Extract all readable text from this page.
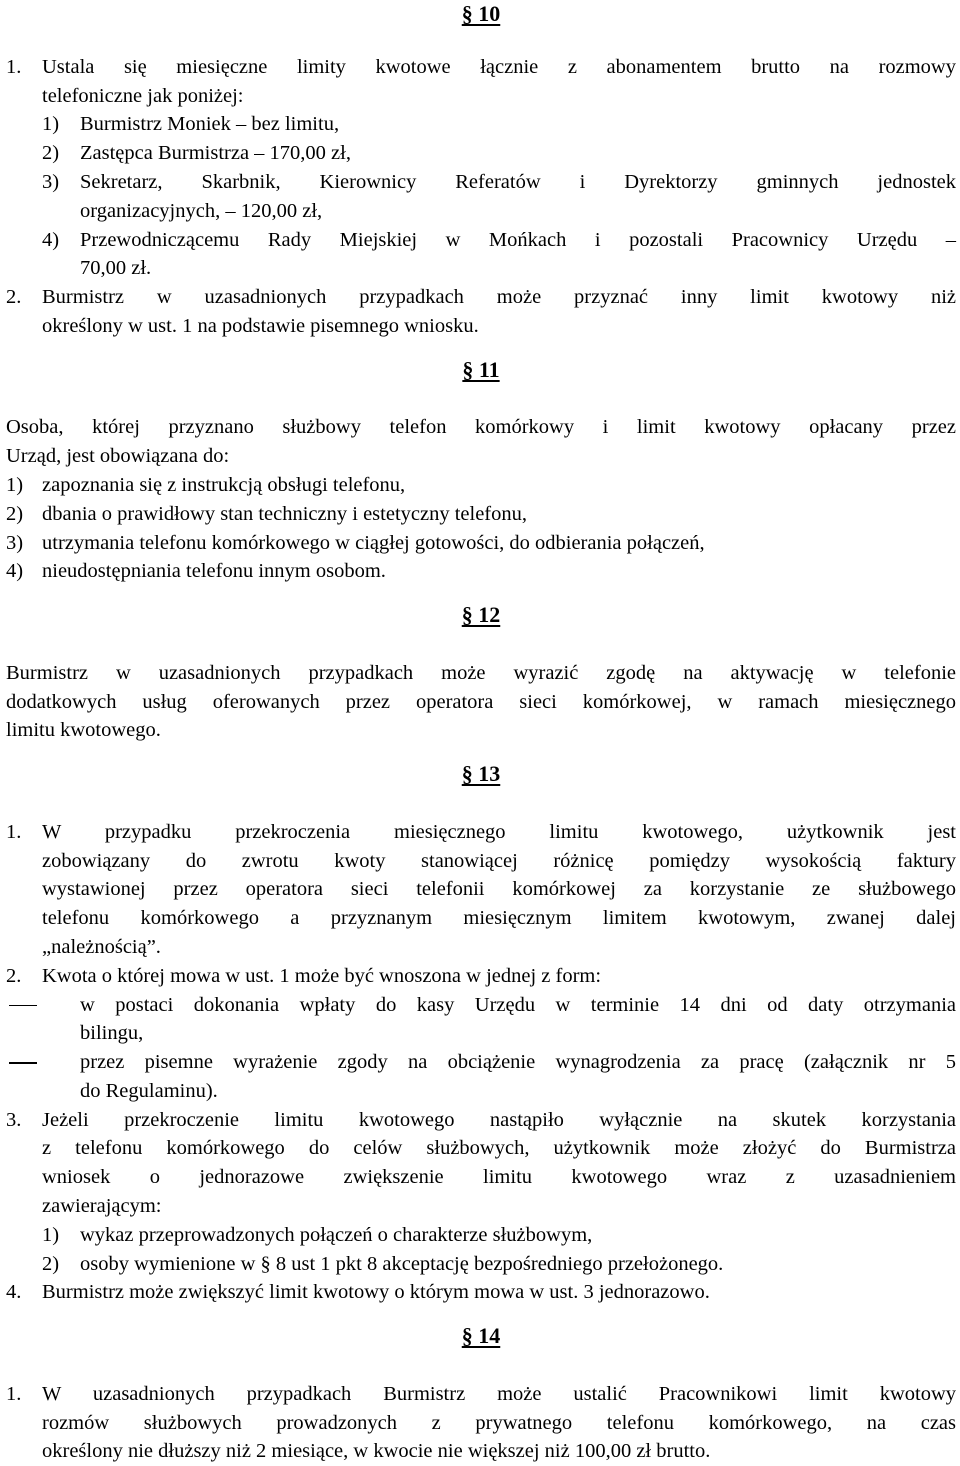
§ 10
1.	Ustala się miesięczne limity kwotowe łącznie z abonamentem brutto na rozmowy
telefoniczne jak poniżej:
1)	Burmistrz Moniek – bez limitu,
2)	Zastępca Burmistrza – 170,00 zł,
3)	Sekretarz, Skarbnik, Kierownicy Referatów i Dyrektorzy gminnych jednostek
organizacyjnych, – 120,00 zł,
4)	Przewodniczącemu Rady Miejskiej w Mońkach i pozostali Pracownicy Urzędu –
70,00 zł.
2.	Burmistrz w uzasadnionych przypadkach może przyznać inny limit kwotowy niż
określony w ust. 1 na podstawie pisemnego wniosku.
§ 11
Osoba, której przyznano służbowy telefon komórkowy i limit kwotowy opłacany przez
Urząd, jest obowiązana do:
1) zapoznania się z instrukcją obsługi telefonu,
2) dbania o prawidłowy stan techniczny i estetyczny telefonu,
3) utrzymania telefonu komórkowego w ciągłej gotowości, do odbierania połączeń,
4) nieudostępniania telefonu innym osobom.
§ 12
Burmistrz w uzasadnionych przypadkach może wyrazić zgodę na aktywację w telefonie
dodatkowych usług oferowanych przez operatora sieci komórkowej, w ramach miesięcznego
limitu kwotowego.
§ 13
1.	W przypadku przekroczenia miesięcznego limitu kwotowego, użytkownik jest
zobowiązany do zwrotu kwoty stanowiącej różnicę pomiędzy wysokością faktury
wystawionej przez operatora sieci telefonii komórkowej za korzystanie ze służbowego
telefonu komórkowego a przyznanym miesięcznym limitem kwotowym, zwanej dalej
„należnością”.
2.	Kwota o której mowa w ust. 1 może być wnoszona w jednej z form:
w postaci dokonania wpłaty do kasy Urzędu w terminie 14 dni od daty otrzymania
bilingu,
przez pisemne wyrażenie zgody na obciążenie wynagrodzenia za pracę (załącznik nr 5
do Regulaminu).
3.	Jeżeli przekroczenie limitu kwotowego nastąpiło wyłącznie na skutek korzystania
z telefonu komórkowego do celów służbowych, użytkownik może złożyć do Burmistrza
wniosek o jednorazowe zwiększenie limitu kwotowego wraz z uzasadnieniem
zawierającym:
1)	wykaz przeprowadzonych połączeń o charakterze służbowym,
2)	osoby wymienione w § 8 ust 1 pkt 8 akceptację bezpośredniego przełożonego.
4.	Burmistrz może zwiększyć limit kwotowy o którym mowa w ust. 3 jednorazowo.
§ 14
1.	W uzasadnionych przypadkach Burmistrz może ustalić Pracownikowi limit kwotowy
rozmów służbowych prowadzonych z prywatnego telefonu komórkowego, na czas
określony nie dłuższy niż 2 miesiące, w kwocie nie większej niż 100,00 zł brutto.
